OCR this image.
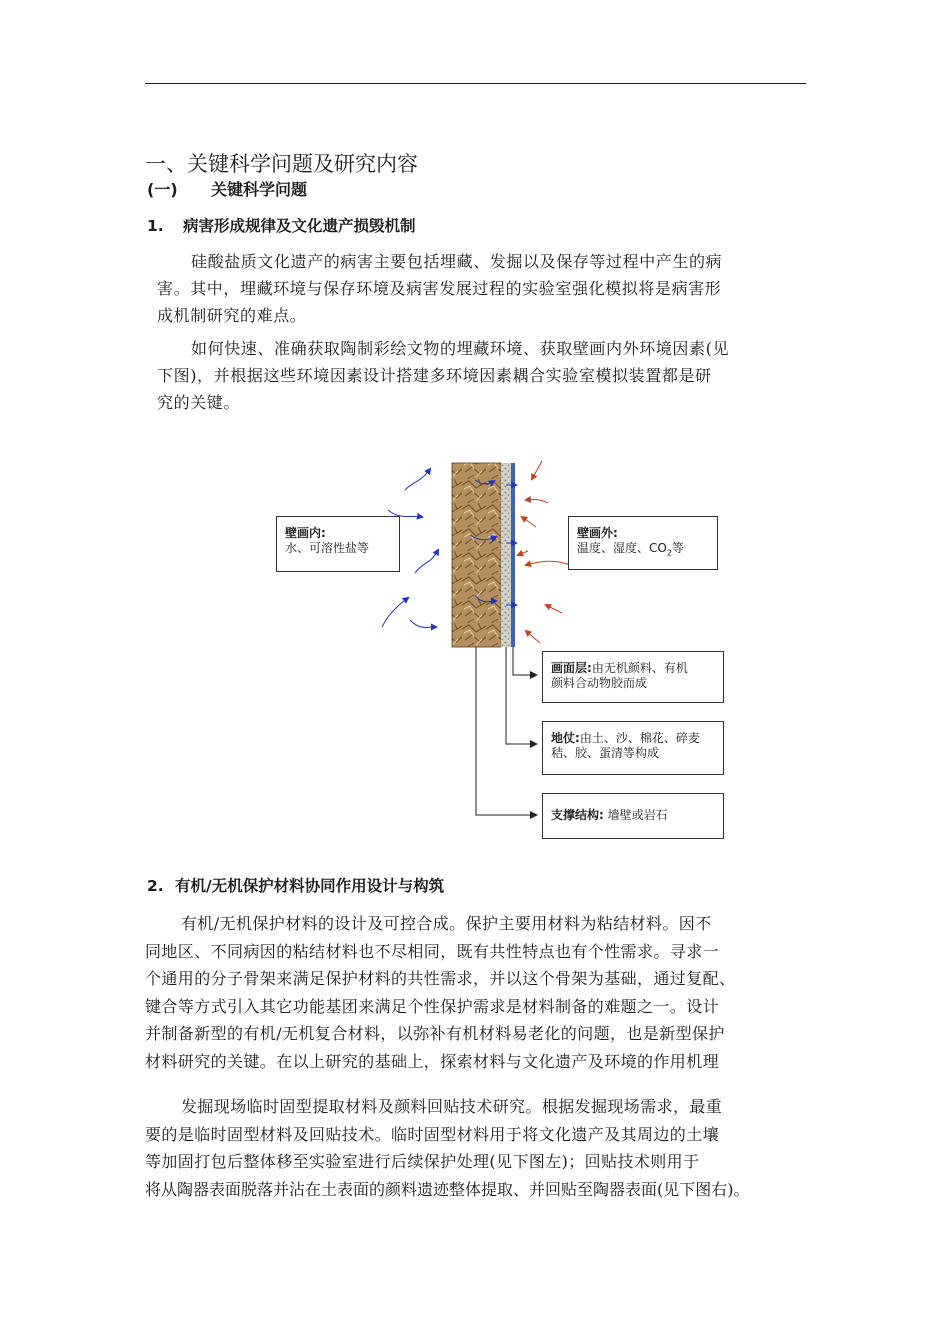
一、关键科学问题及研究内容
(一) 关键科学问题
1. 病害形成规律及文化遗产损毁机制
硅酸盐质文化遗产的病害主要包括埋藏、发掘以及保存等过程中产生的病
害。其中，埋藏环境与保存环境及病害发展过程的实验室强化模拟将是病害形
成机制研究的难点。
如何快速、准确获取陶制彩绘文物的埋藏环境、获取壁画内外环境因素(见
下图)，并根据这些环境因素设计搭建多环境因素耦合实验室模拟装置都是研
究的关键。
壁画内:
水、可溶性盐等
壁画外:
温度、湿度、$CO_2$等
画面层:由无机颜料、有机
颜料合动物胶而成
地仗:由土、沙、棉花、碎麦
秸、胶、蛋清等构成
支撑结构: 墙壁或岩石
2. 有机/无机保护材料协同作用设计与构筑
有机/无机保护材料的设计及可控合成。保护主要用材料为粘结材料。因不
同地区、不同病因的粘结材料也不尽相同，既有共性特点也有个性需求。寻求一
个通用的分子骨架来满足保护材料的共性需求，并以这个骨架为基础，通过复配、
键合等方式引入其它功能基团来满足个性保护需求是材料制备的难题之一。设计
并制备新型的有机/无机复合材料，以弥补有机材料易老化的问题，也是新型保护
材料研究的关键。在以上研究的基础上，探索材料与文化遗产及环境的作用机理
发掘现场临时固型提取材料及颜料回贴技术研究。根据发掘现场需求，最重
要的是临时固型材料及回贴技术。临时固型材料用于将文化遗产及其周边的土壤
等加固打包后整体移至实验室进行后续保护处理(见下图左)；回贴技术则用于
将从陶器表面脱落并沾在土表面的颜料遗迹整体提取、并回贴至陶器表面(见下图右)。
